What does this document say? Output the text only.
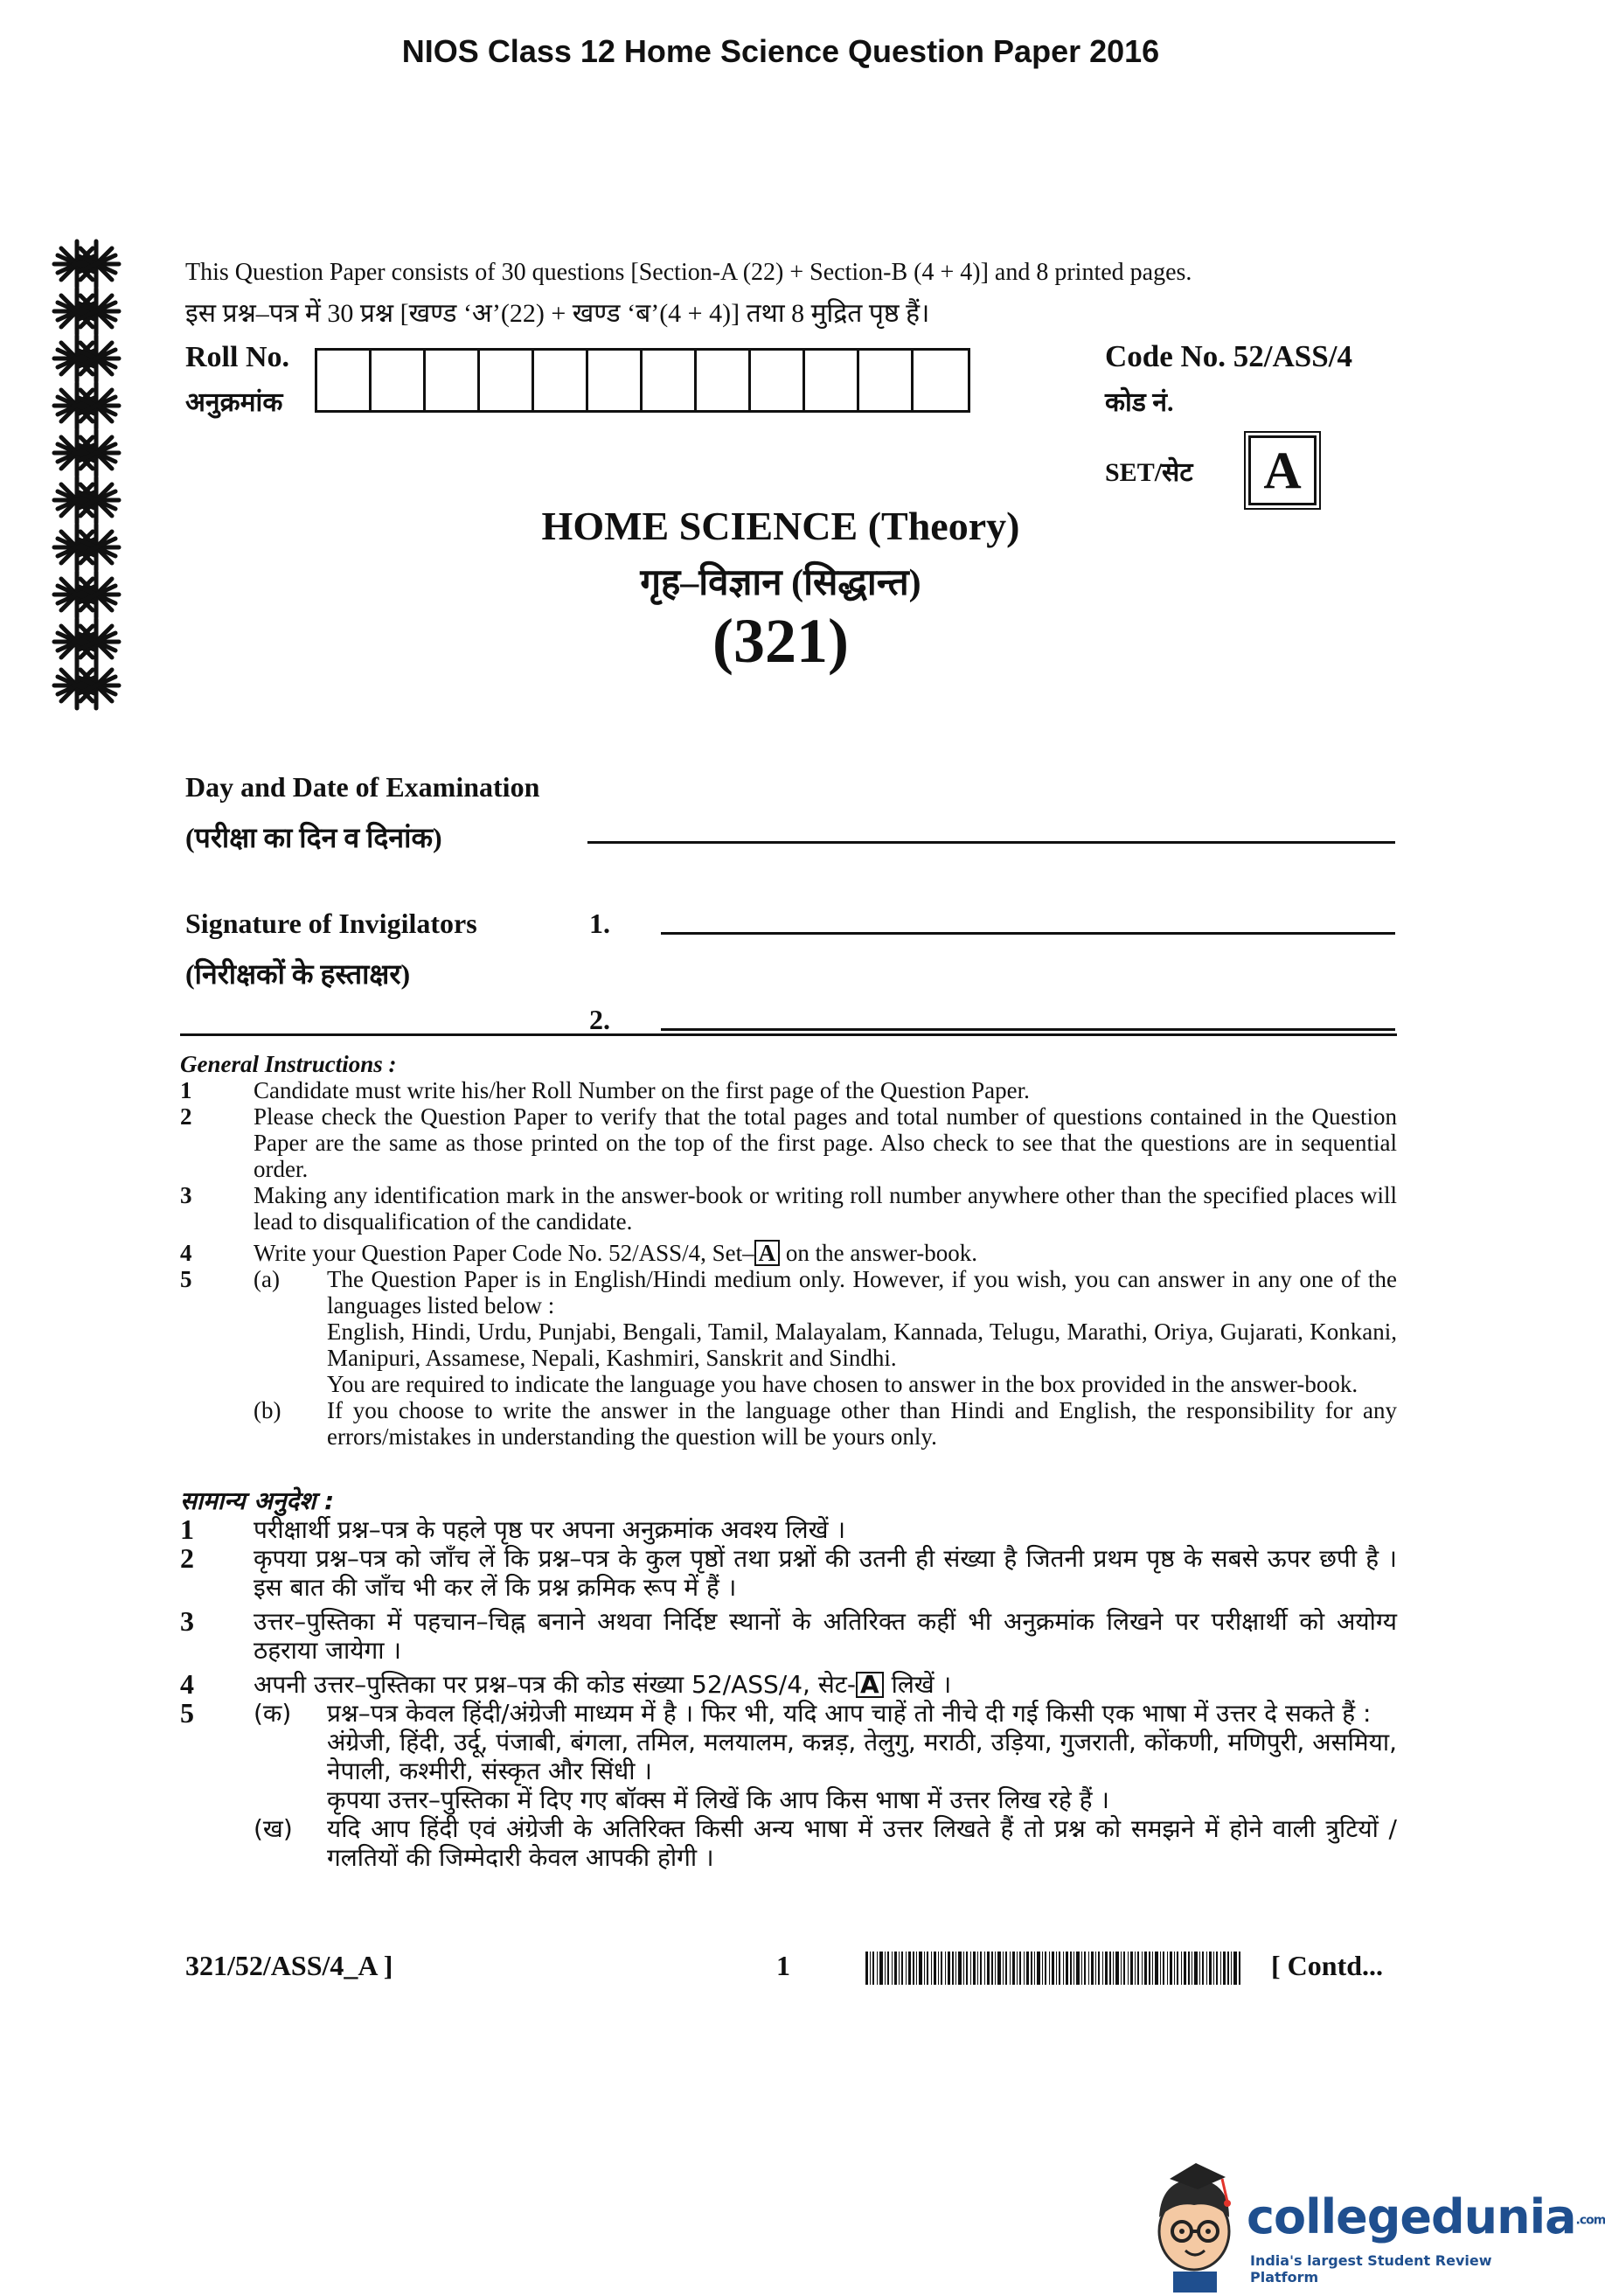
NIOS Class 12 Home Science Question Paper 2016
This Question Paper consists of 30 questions [Section-A (22) + Section-B (4 + 4)] and 8 printed pages.
इस प्रश्न–पत्र में 30 प्रश्न [खण्ड ‘अ’(22) + खण्ड ‘ब’(4 + 4)] तथा 8 मुद्रित पृष्ठ हैं।
Roll No.
अनुक्रमांक
Code No. 52/ASS/4
कोड नं.
SET/सेट A
HOME SCIENCE (Theory)
गृह–विज्ञान (सिद्धान्त)
(321)
Day and Date of Examination
(परीक्षा का दिन व दिनांक)
Signature of Invigilators
(निरीक्षकों के हस्ताक्षर)
1.
2.
General Instructions :
1	Candidate must write his/her Roll Number on the first page of the Question Paper.
2	Please check the Question Paper to verify that the total pages and total number of questions contained in the Question Paper are the same as those printed on the top of the first page. Also check to see that the questions are in sequential order.
3	Making any identification mark in the answer-book or writing roll number anywhere other than the specified places will lead to disqualification of the candidate.
4	Write your Question Paper Code No. 52/ASS/4, Set– A on the answer-book.
5	(a)	The Question Paper is in English/Hindi medium only. However, if you wish, you can answer in any one of the languages listed below :
English, Hindi, Urdu, Punjabi, Bengali, Tamil, Malayalam, Kannada, Telugu, Marathi, Oriya, Gujarati, Konkani, Manipuri, Assamese, Nepali, Kashmiri, Sanskrit and Sindhi.
You are required to indicate the language you have chosen to answer in the box provided in the answer-book.
(b)	If you choose to write the answer in the language other than Hindi and English, the responsibility for any errors/mistakes in understanding the question will be yours only.
सामान्य अनुदेश :
1	परीक्षार्थी प्रश्न–पत्र के पहले पृष्ठ पर अपना अनुक्रमांक अवश्य लिखें ।
2	कृपया प्रश्न–पत्र को जाँच लें कि प्रश्न–पत्र के कुल पृष्ठों तथा प्रश्नों की उतनी ही संख्या है जितनी प्रथम पृष्ठ के सबसे ऊपर छपी है । इस बात की जाँच भी कर लें कि प्रश्न क्रमिक रूप में हैं ।
3	उत्तर–पुस्तिका में पहचान–चिह्न बनाने अथवा निर्दिष्ट स्थानों के अतिरिक्त कहीं भी अनुक्रमांक लिखने पर परीक्षार्थी को अयोग्य ठहराया जायेगा ।
4	अपनी उत्तर–पुस्तिका पर प्रश्न–पत्र की कोड संख्या 52/ASS/4, सेट- A लिखें ।
5	(क)	प्रश्न–पत्र केवल हिंदी/अंग्रेजी माध्यम में है । फिर भी, यदि आप चाहें तो नीचे दी गई किसी एक भाषा में उत्तर दे सकते हैं :
अंग्रेजी, हिंदी, उर्दू, पंजाबी, बंगला, तमिल, मलयालम, कन्नड़, तेलुगु, मराठी, उड़िया, गुजराती, कोंकणी, मणिपुरी, असमिया, नेपाली, कश्मीरी, संस्कृत और सिंधी ।
कृपया उत्तर–पुस्तिका में दिए गए बॉक्स में लिखें कि आप किस भाषा में उत्तर लिख रहे हैं ।
(ख)	यदि आप हिंदी एवं अंग्रेजी के अतिरिक्त किसी अन्य भाषा में उत्तर लिखते हैं तो प्रश्न को समझने में होने वाली त्रुटियों / गलतियों की जिम्मेदारी केवल आपकी होगी ।
321/52/ASS/4_A ]	1	[ Contd...
collegedunia.com
India's largest Student Review Platform
